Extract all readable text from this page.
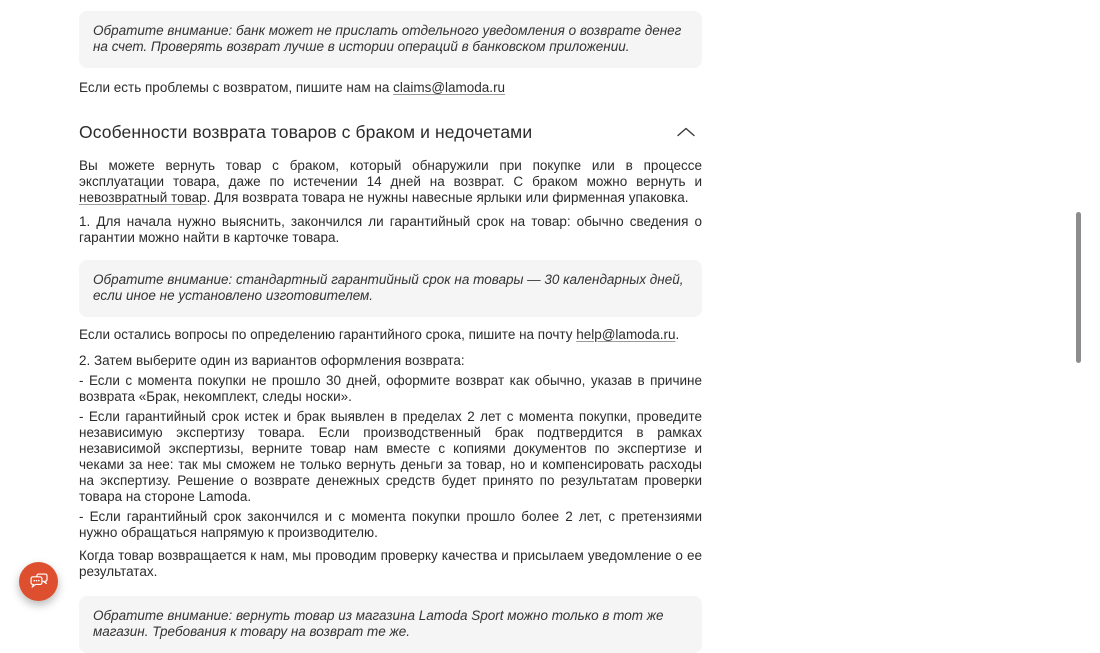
Обратите внимание: банк может не прислать отдельного уведомления о возврате денег на счет. Проверять возврат лучше в истории операций в банковском приложении.

Если есть проблемы с возвратом, пишите нам на claims@lamoda.ru

Особенности возврата товаров с браком и недочетами

Вы можете вернуть товар с браком, который обнаружили при покупке или в процессе эксплуатации товара, даже по истечении 14 дней на возврат. С браком можно вернуть и невозвратный товар. Для возврата товара не нужны навесные ярлыки или фирменная упаковка.

1. Для начала нужно выяснить, закончился ли гарантийный срок на товар: обычно сведения о гарантии можно найти в карточке товара.

Обратите внимание: стандартный гарантийный срок на товары — 30 календарных дней, если иное не установлено изготовителем.

Если остались вопросы по определению гарантийного срока, пишите на почту help@lamoda.ru.

2. Затем выберите один из вариантов оформления возврата:
- Если с момента покупки не прошло 30 дней, оформите возврат как обычно, указав в причине возврата «Брак, некомплект, следы носки».
- Если гарантийный срок истек и брак выявлен в пределах 2 лет с момента покупки, проведите независимую экспертизу товара. Если производственный брак подтвердится в рамках независимой экспертизы, верните товар нам вместе с копиями документов по экспертизе и чеками за нее: так мы сможем не только вернуть деньги за товар, но и компенсировать расходы на экспертизу. Решение о возврате денежных средств будет принято по результатам проверки товара на стороне Lamoda.
- Если гарантийный срок закончился и с момента покупки прошло более 2 лет, с претензиями нужно обращаться напрямую к производителю.

Когда товар возвращается к нам, мы проводим проверку качества и присылаем уведомление о ее результатах.

Обратите внимание: вернуть товар из магазина Lamoda Sport можно только в тот же магазин. Требования к товару на возврат те же.
